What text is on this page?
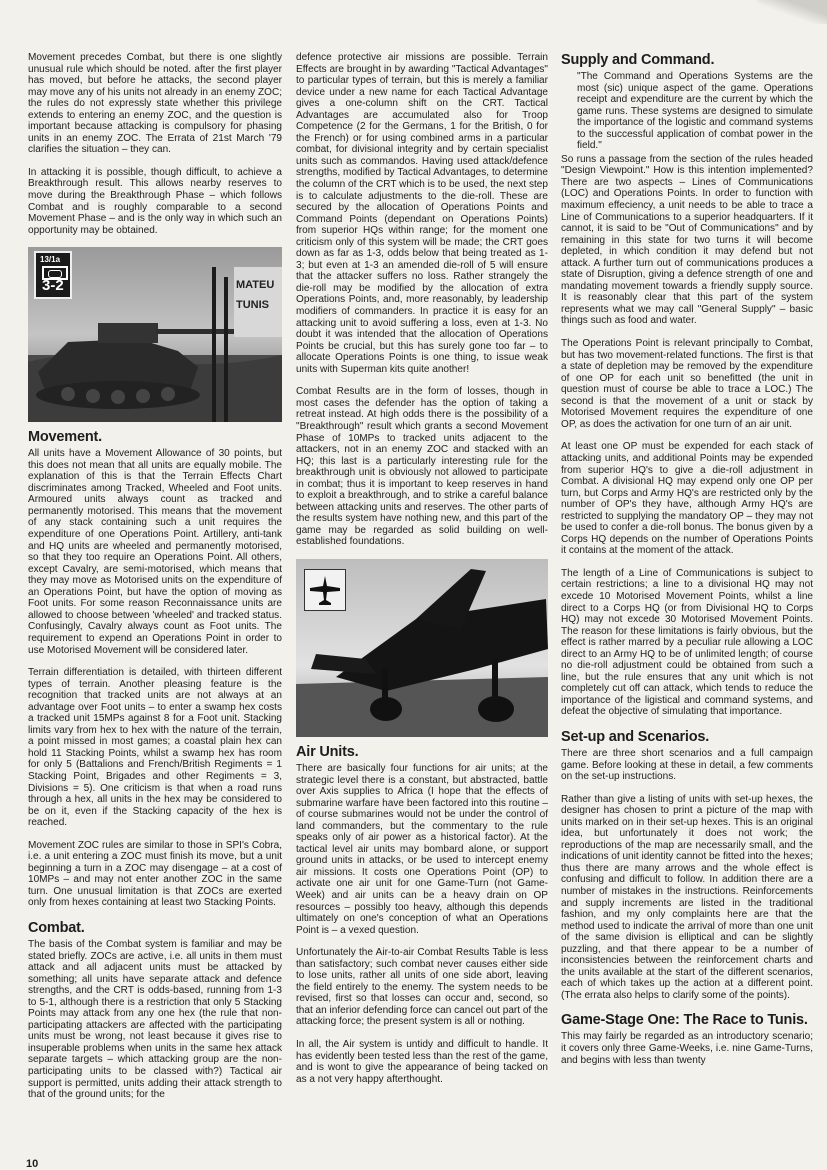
Movement precedes Combat, but there is one slightly unusual rule which should be noted. after the first player has moved, but before he attacks, the second player may move any of his units not already in an enemy ZOC; the rules do not expressly state whether this privilege extends to entering an enemy ZOC, and the question is important because attacking is compulsory for phasing units in an enemy ZOC. The Errata of 21st March '79 clarifies the situation – they can.

In attacking it is possible, though difficult, to achieve a Breakthrough result. This allows nearby reserves to move during the Breakthrough Phase – which follows Combat and is roughly comparable to a second Movement Phase – and is the only way in which such an opportunity may be obtained.

13/1a
3-2	MATEU TUNIS
Movement.

All units have a Movement Allowance of 30 points, but this does not mean that all units are equally mobile. The explanation of this is that the Terrain Effects Chart discriminates among Tracked, Wheeled and Foot units. Armoured units always count as tracked and permanently motorised. This means that the movement of any stack containing such a unit requires the expenditure of one Operations Point. Artillery, anti-tank and HQ units are wheeled and permanently motorised, so that they too require an Operations Point. All others, except Cavalry, are semi-motorised, which means that they may move as Motorised units on the expenditure of an Operations Point, but have the option of moving as Foot units. For some reason Reconnaissance units are allowed to choose between 'wheeled' and tracked status. Confusingly, Cavalry always count as Foot units. The requirement to expend an Operations Point in order to use Motorised Movement will be considered later.

Terrain differentiation is detailed, with thirteen different types of terrain. Another pleasing feature is the recognition that tracked units are not always at an advantage over Foot units – to enter a swamp hex costs a tracked unit 15MPs against 8 for a Foot unit. Stacking limits vary from hex to hex with the nature of the terrain, a point missed in most games; a coastal plain hex can hold 11 Stacking Points, whilst a swamp hex has room for only 5 (Battalions and French/British Regiments = 1 Stacking Point, Brigades and other Regiments = 3, Divisions = 5). One criticism is that when a road runs through a hex, all units in the hex may be considered to be on it, even if the Stacking capacity of the hex is reached.

Movement ZOC rules are similar to those in SPI's Cobra, i.e. a unit entering a ZOC must finish its move, but a unit beginning a turn in a ZOC may disengage – at a cost of 10MPs – and may not enter another ZOC in the same turn. One unusual limitation is that ZOCs are exerted only from hexes containing at least two Stacking Points.

Combat.

The basis of the Combat system is familiar and may be stated briefly. ZOCs are active, i.e. all units in them must attack and all adjacent units must be attacked by something; all units have separate attack and defence strengths, and the CRT is odds-based, running from 1-3 to 5-1, although there is a restriction that only 5 Stacking Points may attack from any one hex (the rule that non-participating attackers are affected with the participating units must be wrong, not least because it gives rise to insuperable problems when units in the same hex attack separate targets – which attacking group are the non-participating units to be classed with?) Tactical air support is permitted, units adding their attack strength to that of the ground units; for the

defence protective air missions are possible. Terrain Effects are brought in by awarding "Tactical Advantages" to particular types of terrain, but this is merely a familiar device under a new name for each Tactical Advantage gives a one-column shift on the CRT. Tactical Advantages are accumulated also for Troop Competence (2 for the Germans, 1 for the British, 0 for the French) or for using combined arms in a particular combat, for divisional integrity and by certain specialist units such as commandos. Having used attack/defence strengths, modified by Tactical Advantages, to determine the column of the CRT which is to be used, the next step is to calculate adjustments to the die-roll. These are secured by the allocation of Operations Points and Command Points (dependant on Operations Points) from superior HQs within range; for the moment one criticism only of this system will be made; the CRT goes down as far as 1-3, odds below that being treated as 1-3; but even at 1-3 an amended die-roll of 5 will ensure that the attacker suffers no loss. Rather strangely the die-roll may be modified by the allocation of extra Operations Points, and, more reasonably, by leadership modifiers of commanders. In practice it is easy for an attacking unit to avoid suffering a loss, even at 1-3. No doubt it was intended that the allocation of Operations Points be crucial, but this has surely gone too far – to allocate Operations Points is one thing, to issue weak units with Superman kits quite another!

Combat Results are in the form of losses, though in most cases the defender has the option of taking a retreat instead. At high odds there is the possibility of a "Breakthrough" result which grants a second Movement Phase of 10MPs to tracked units adjacent to the attackers, not in an enemy ZOC and stacked with an HQ; this last is a particularly interesting rule for the breakthrough unit is obviously not allowed to participate in combat; thus it is important to keep reserves in hand to exploit a breakthrough, and to strike a careful balance between attacking units and reserves. The other parts of the results system have nothing new, and this part of the game may be regarded as solid building on well-established foundations.

Air Units.

There are basically four functions for air units; at the strategic level there is a constant, but abstracted, battle over Axis supplies to Africa (I hope that the effects of submarine warfare have been factored into this routine – of course submarines would not be under the control of land commanders, but the commentary to the rule speaks only of air power as a historical factor). At the tactical level air units may bombard alone, or support ground units in attacks, or be used to intercept enemy air missions. It costs one Operations Point (OP) to activate one air unit for one Game-Turn (not Game-Week) and air units can be a heavy drain on OP resources – possibly too heavy, although this depends ultimately on one's conception of what an Operations Point is – a vexed question.

Unfortunately the Air-to-air Combat Results Table is less than satisfactory; such combat never causes either side to lose units, rather all units of one side abort, leaving the field entirely to the enemy. The system needs to be revised, first so that losses can occur and, second, so that an inferior defending force can cancel out part of the attacking force; the present system is all or nothing.

In all, the Air system is untidy and difficult to handle. It has evidently been tested less than the rest of the game, and is wont to give the appearance of being tacked on as a not very happy afterthought.

Supply and Command.

"The Command and Operations Systems are the most (sic) unique aspect of the game. Operations receipt and expenditure are the current by which the game runs. These systems are designed to simulate the importance of the logistic and command systems to the successful application of combat power in the field."

So runs a passage from the section of the rules headed "Design Viewpoint." How is this intention implemented? There are two aspects – Lines of Communications (LOC) and Operations Points. In order to function with maximum effeciency, a unit needs to be able to trace a Line of Communications to a superior headquarters. If it cannot, it is said to be "Out of Communications" and by remaining in this state for two turns it will become depleted, in which condition it may defend but not attack. A further turn out of communications produces a state of Disruption, giving a defence strength of one and mandating movement towards a friendly supply source. It is reasonably clear that this part of the system represents what we may call "General Supply" – basic things such as food and water.

The Operations Point is relevant principally to Combat, but has two movement-related functions. The first is that a state of depletion may be removed by the expenditure of one OP for each unit so benefitted (the unit in question must of course be able to trace a LOC.) The second is that the movement of a unit or stack by Motorised Movement requires the expenditure of one OP, as does the activation for one turn of an air unit.

At least one OP must be expended for each stack of attacking units, and additional Points may be expended from superior HQ's to give a die-roll adjustment in Combat. A divisional HQ may expend only one OP per turn, but Corps and Army HQ's are restricted only by the number of OP's they have, although Army HQ's are restricted to supplying the mandatory OP – they may not be used to confer a die-roll bonus. The bonus given by a Corps HQ depends on the number of Operations Points it contains at the moment of the attack.

The length of a Line of Communications is subject to certain restrictions; a line to a divisional HQ may not excede 10 Motorised Movement Points, whilst a line direct to a Corps HQ (or from Divisional HQ to Corps HQ) may not excede 30 Motorised Movement Points. The reason for these limitations is fairly obvious, but the effect is rather marred by a peculiar rule allowing a LOC direct to an Army HQ to be of unlimited length; of course no die-roll adjustment could be obtained from such a line, but the rule ensures that any unit which is not completely cut off can attack, which tends to reduce the importance of the ligistical and command systems, and defeat the objective of simulating that importance.

Set-up and Scenarios.

There are three short scenarios and a full campaign game. Before looking at these in detail, a few comments on the set-up instructions.

Rather than give a listing of units with set-up hexes, the designer has chosen to print a picture of the map with units marked on in their set-up hexes. This is an original idea, but unfortunately it does not work; the reproductions of the map are necessarily small, and the indications of unit identity cannot be fitted into the hexes; thus there are many arrows and the whole effect is confusing and difficult to follow. In addition there are a number of mistakes in the instructions. Reinforcements and supply increments are listed in the traditional fashion, and my only complaints here are that the method used to indicate the arrival of more than one unit of the same division is elliptical and can be slightly puzzling, and that there appear to be a number of inconsistencies between the reinforcement charts and the units available at the start of the different scenarios, each of which takes up the action at a different point. (The errata also helps to clarify some of the points).

Game-Stage One: The Race to Tunis.

This may fairly be regarded as an introductory scenario; it covers only three Game-Weeks, i.e. nine Game-Turns, and begins with less than twenty

10
